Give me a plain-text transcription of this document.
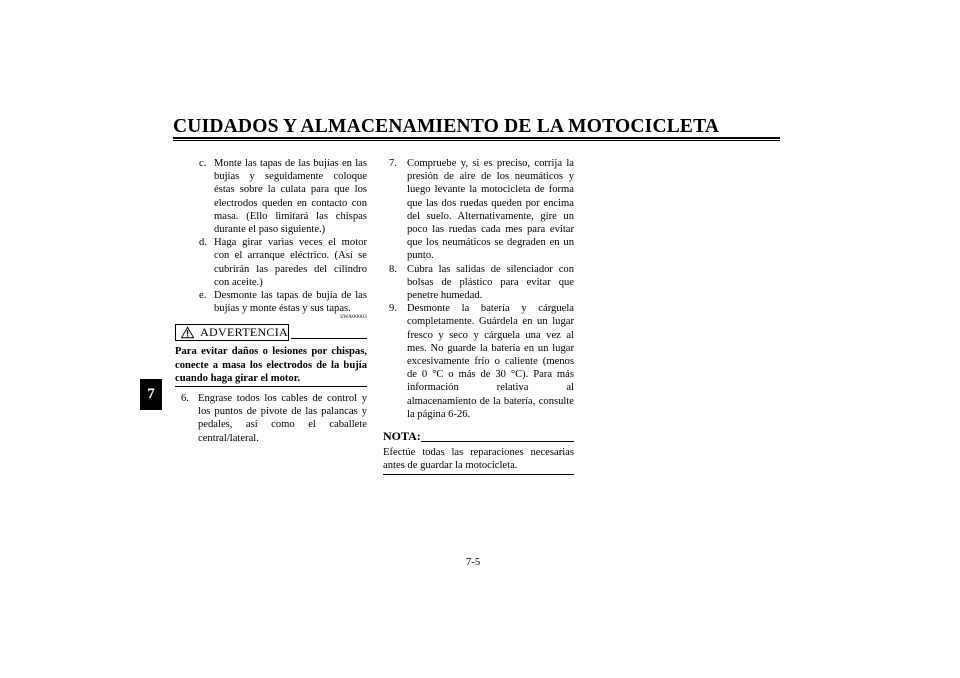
CUIDADOS Y ALMACENAMIENTO DE LA MOTOCICLETA
7
c. Monte las tapas de las bujías en las bujías y seguidamente coloque éstas sobre la culata para que los electrodos queden en contacto con masa. (Ello limitará las chispas durante el paso siguiente.)
d. Haga girar varias veces el motor con el arranque eléctrico. (Así se cubrirán las paredes del cilindro con aceite.)
e. Desmonte las tapas de bujía de las bujías y monte éstas y sus tapas.
SWA00003
ADVERTENCIA
Para evitar daños o lesiones por chispas, conecte a masa los electrodos de la bujía cuando haga girar el motor.
6. Engrase todos los cables de control y los puntos de pivote de las palancas y pedales, así como el caballete central/lateral.
7. Compruebe y, si es preciso, corrija la presión de aire de los neumáticos y luego levante la motocicleta de forma que las dos ruedas queden por encima del suelo. Alternativamente, gire un poco las ruedas cada mes para evitar que los neumáticos se degraden en un punto.
8. Cubra las salidas de silenciador con bolsas de plástico para evitar que penetre humedad.
9. Desmonte la batería y cárguela completamente. Guárdela en un lugar fresco y seco y cárguela una vez al mes. No guarde la batería en un lugar excesivamente frío o caliente (menos de 0 °C o más de 30 °C). Para más información relativa al almacenamiento de la batería, consulte la página 6-26.
NOTA:
Efectúe todas las reparaciones necesarias antes de guardar la motocicleta.
7-5
